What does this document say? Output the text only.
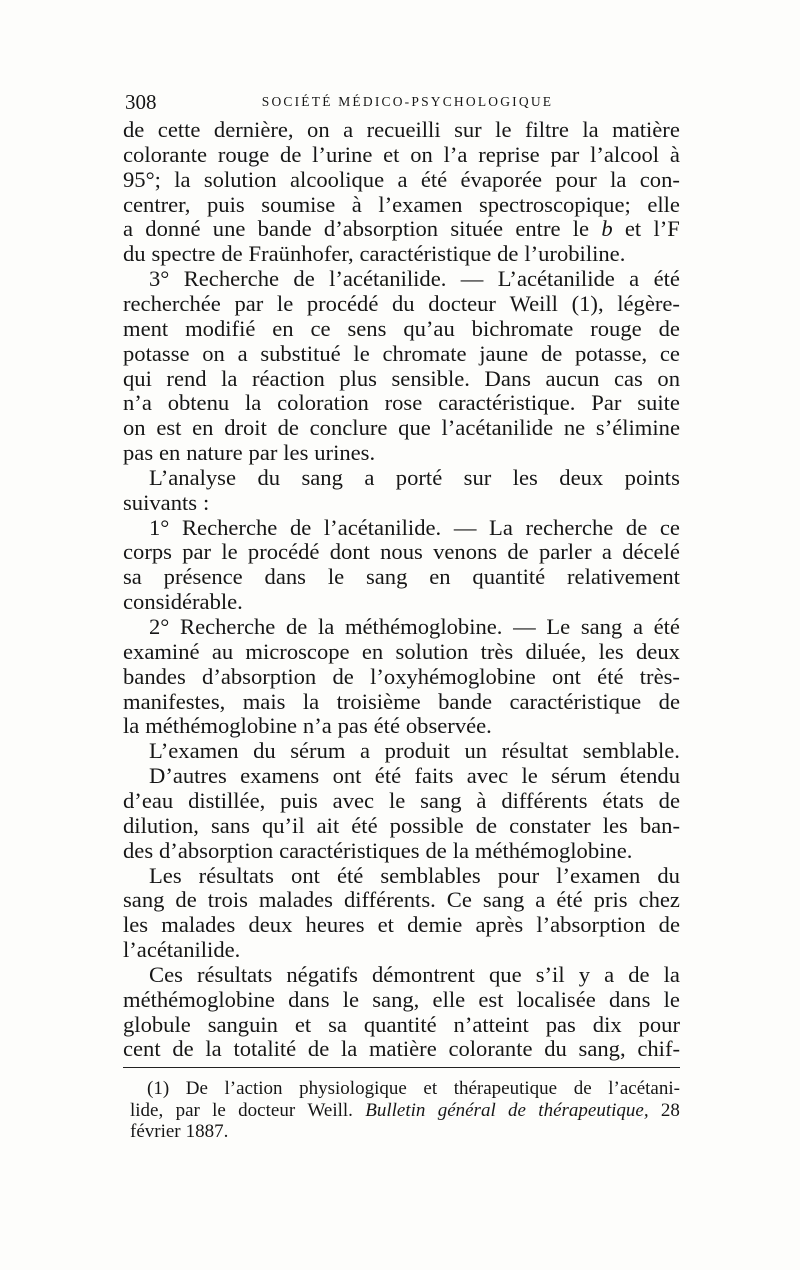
308	SOCIÉTÉ MÉDICO-PSYCHOLOGIQUE
de cette dernière, on a recueilli sur le filtre la matière
colorante rouge de l’urine et on l’a reprise par l’alcool à
95°; la solution alcoolique a été évaporée pour la con-
centrer, puis soumise à l’examen spectroscopique; elle
a donné une bande d’absorption située entre le b et l’F
du spectre de Fraünhofer, caractéristique de l’urobiline.
3° Recherche de l’acétanilide. — L’acétanilide a été
recherchée par le procédé du docteur Weill (1), légère-
ment modifié en ce sens qu’au bichromate rouge de
potasse on a substitué le chromate jaune de potasse, ce
qui rend la réaction plus sensible. Dans aucun cas on
n’a obtenu la coloration rose caractéristique. Par suite
on est en droit de conclure que l’acétanilide ne s’élimine
pas en nature par les urines.
L’analyse du sang a porté sur les deux points
suivants :
1° Recherche de l’acétanilide. — La recherche de ce
corps par le procédé dont nous venons de parler a décelé
sa présence dans le sang en quantité relativement
considérable.
2° Recherche de la méthémoglobine. — Le sang a été
examiné au microscope en solution très diluée, les deux
bandes d’absorption de l’oxyhémoglobine ont été très-
manifestes, mais la troisième bande caractéristique de
la méthémoglobine n’a pas été observée.
L’examen du sérum a produit un résultat semblable.
D’autres examens ont été faits avec le sérum étendu
d’eau distillée, puis avec le sang à différents états de
dilution, sans qu’il ait été possible de constater les ban-
des d’absorption caractéristiques de la méthémoglobine.
Les résultats ont été semblables pour l’examen du
sang de trois malades différents. Ce sang a été pris chez
les malades deux heures et demie après l’absorption de
l’acétanilide.
Ces résultats négatifs démontrent que s’il y a de la
méthémoglobine dans le sang, elle est localisée dans le
globule sanguin et sa quantité n’atteint pas dix pour
cent de la totalité de la matière colorante du sang, chif-
(1) De l’action physiologique et thérapeutique de l’acétani-
lide, par le docteur Weill. Bulletin général de thérapeutique, 28
février 1887.
